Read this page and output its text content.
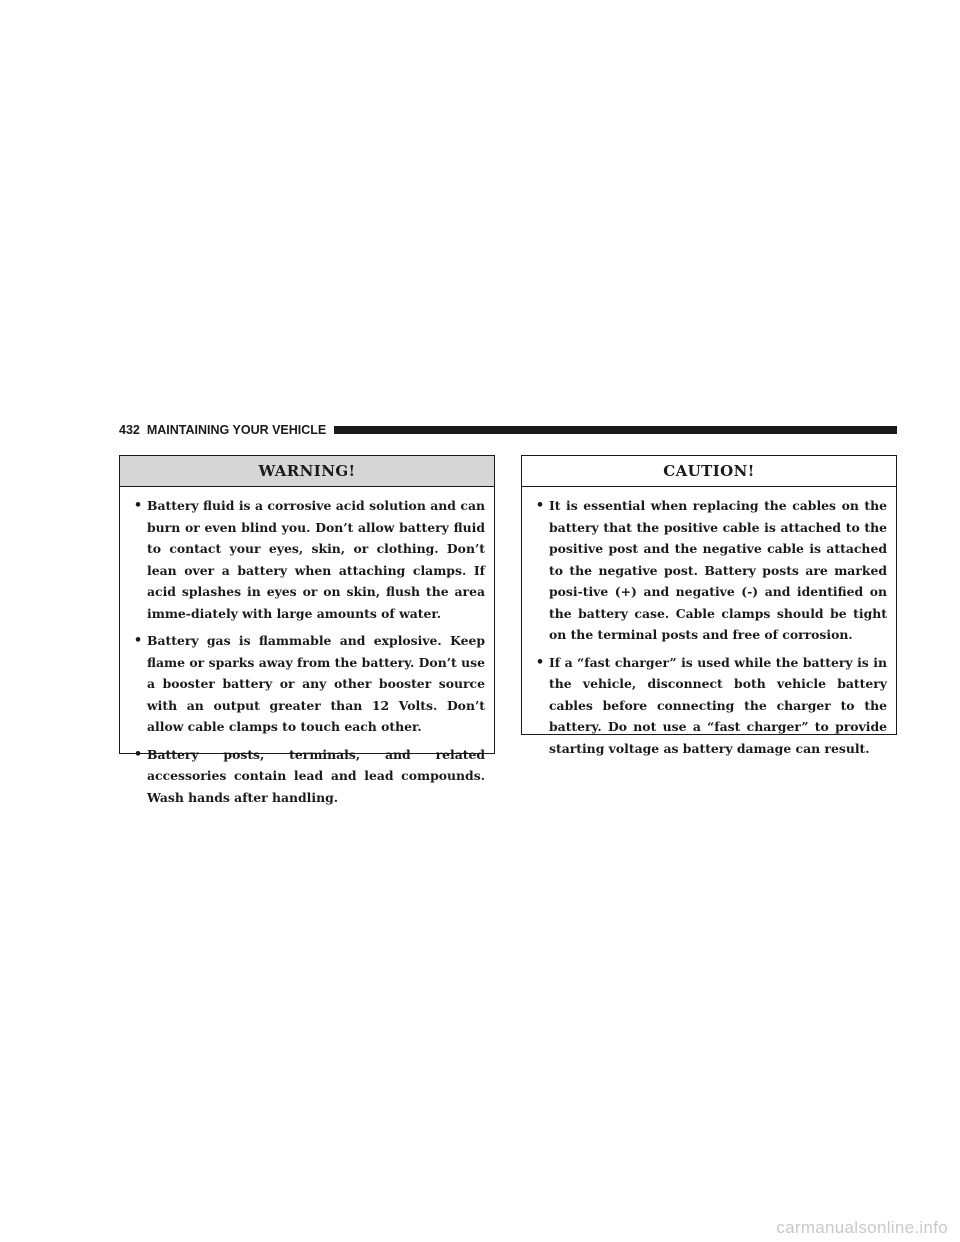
432 MAINTAINING YOUR VEHICLE
WARNING!
• Battery fluid is a corrosive acid solution and can burn or even blind you. Don’t allow battery fluid to contact your eyes, skin, or clothing. Don’t lean over a battery when attaching clamps. If acid splashes in eyes or on skin, flush the area imme-diately with large amounts of water.
• Battery gas is flammable and explosive. Keep flame or sparks away from the battery. Don’t use a booster battery or any other booster source with an output greater than 12 Volts. Don’t allow cable clamps to touch each other.
• Battery posts, terminals, and related accessories contain lead and lead compounds. Wash hands after handling.
CAUTION!
• It is essential when replacing the cables on the battery that the positive cable is attached to the positive post and the negative cable is attached to the negative post. Battery posts are marked posi-tive (+) and negative (-) and identified on the battery case. Cable clamps should be tight on the terminal posts and free of corrosion.
• If a “fast charger” is used while the battery is in the vehicle, disconnect both vehicle battery cables before connecting the charger to the battery. Do not use a “fast charger” to provide starting voltage as battery damage can result.
carmanualsonline.info
